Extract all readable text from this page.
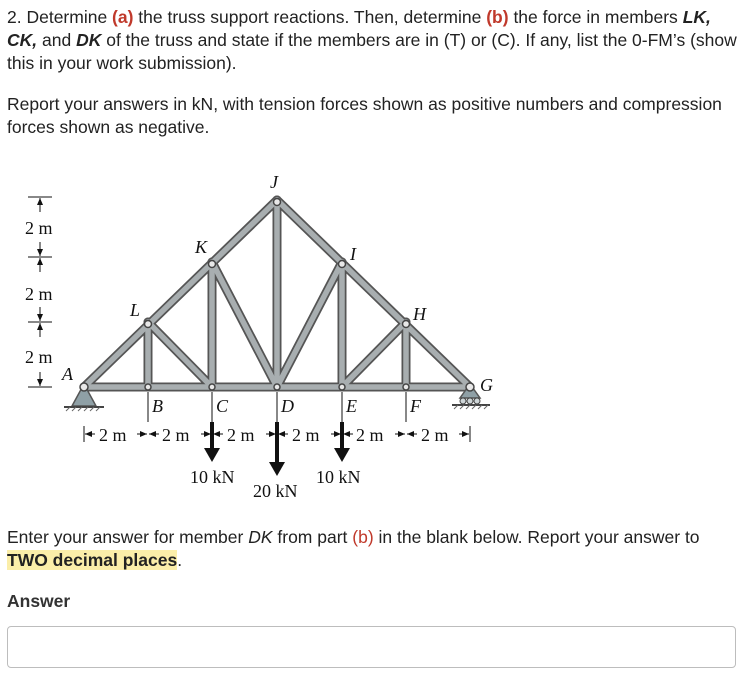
2. Determine (a) the truss support reactions. Then, determine (b) the force in members LK, CK, and DK of the truss and state if the members are in (T) or (C). If any, list the 0-FM’s (show this in your work submission).

Report your answers in kN, with tension forces shown as positive numbers and compression forces shown as negative.

2 m
2 m
2 m
2 m 2 m 2 m 2 m 2 m 2 m
J
K	I
L	H
A
G
B	C	D	E	F
10 kN
20 kN
10 kN

Enter your answer for member DK from part (b) in the blank below. Report your answer to TWO decimal places.

Answer
